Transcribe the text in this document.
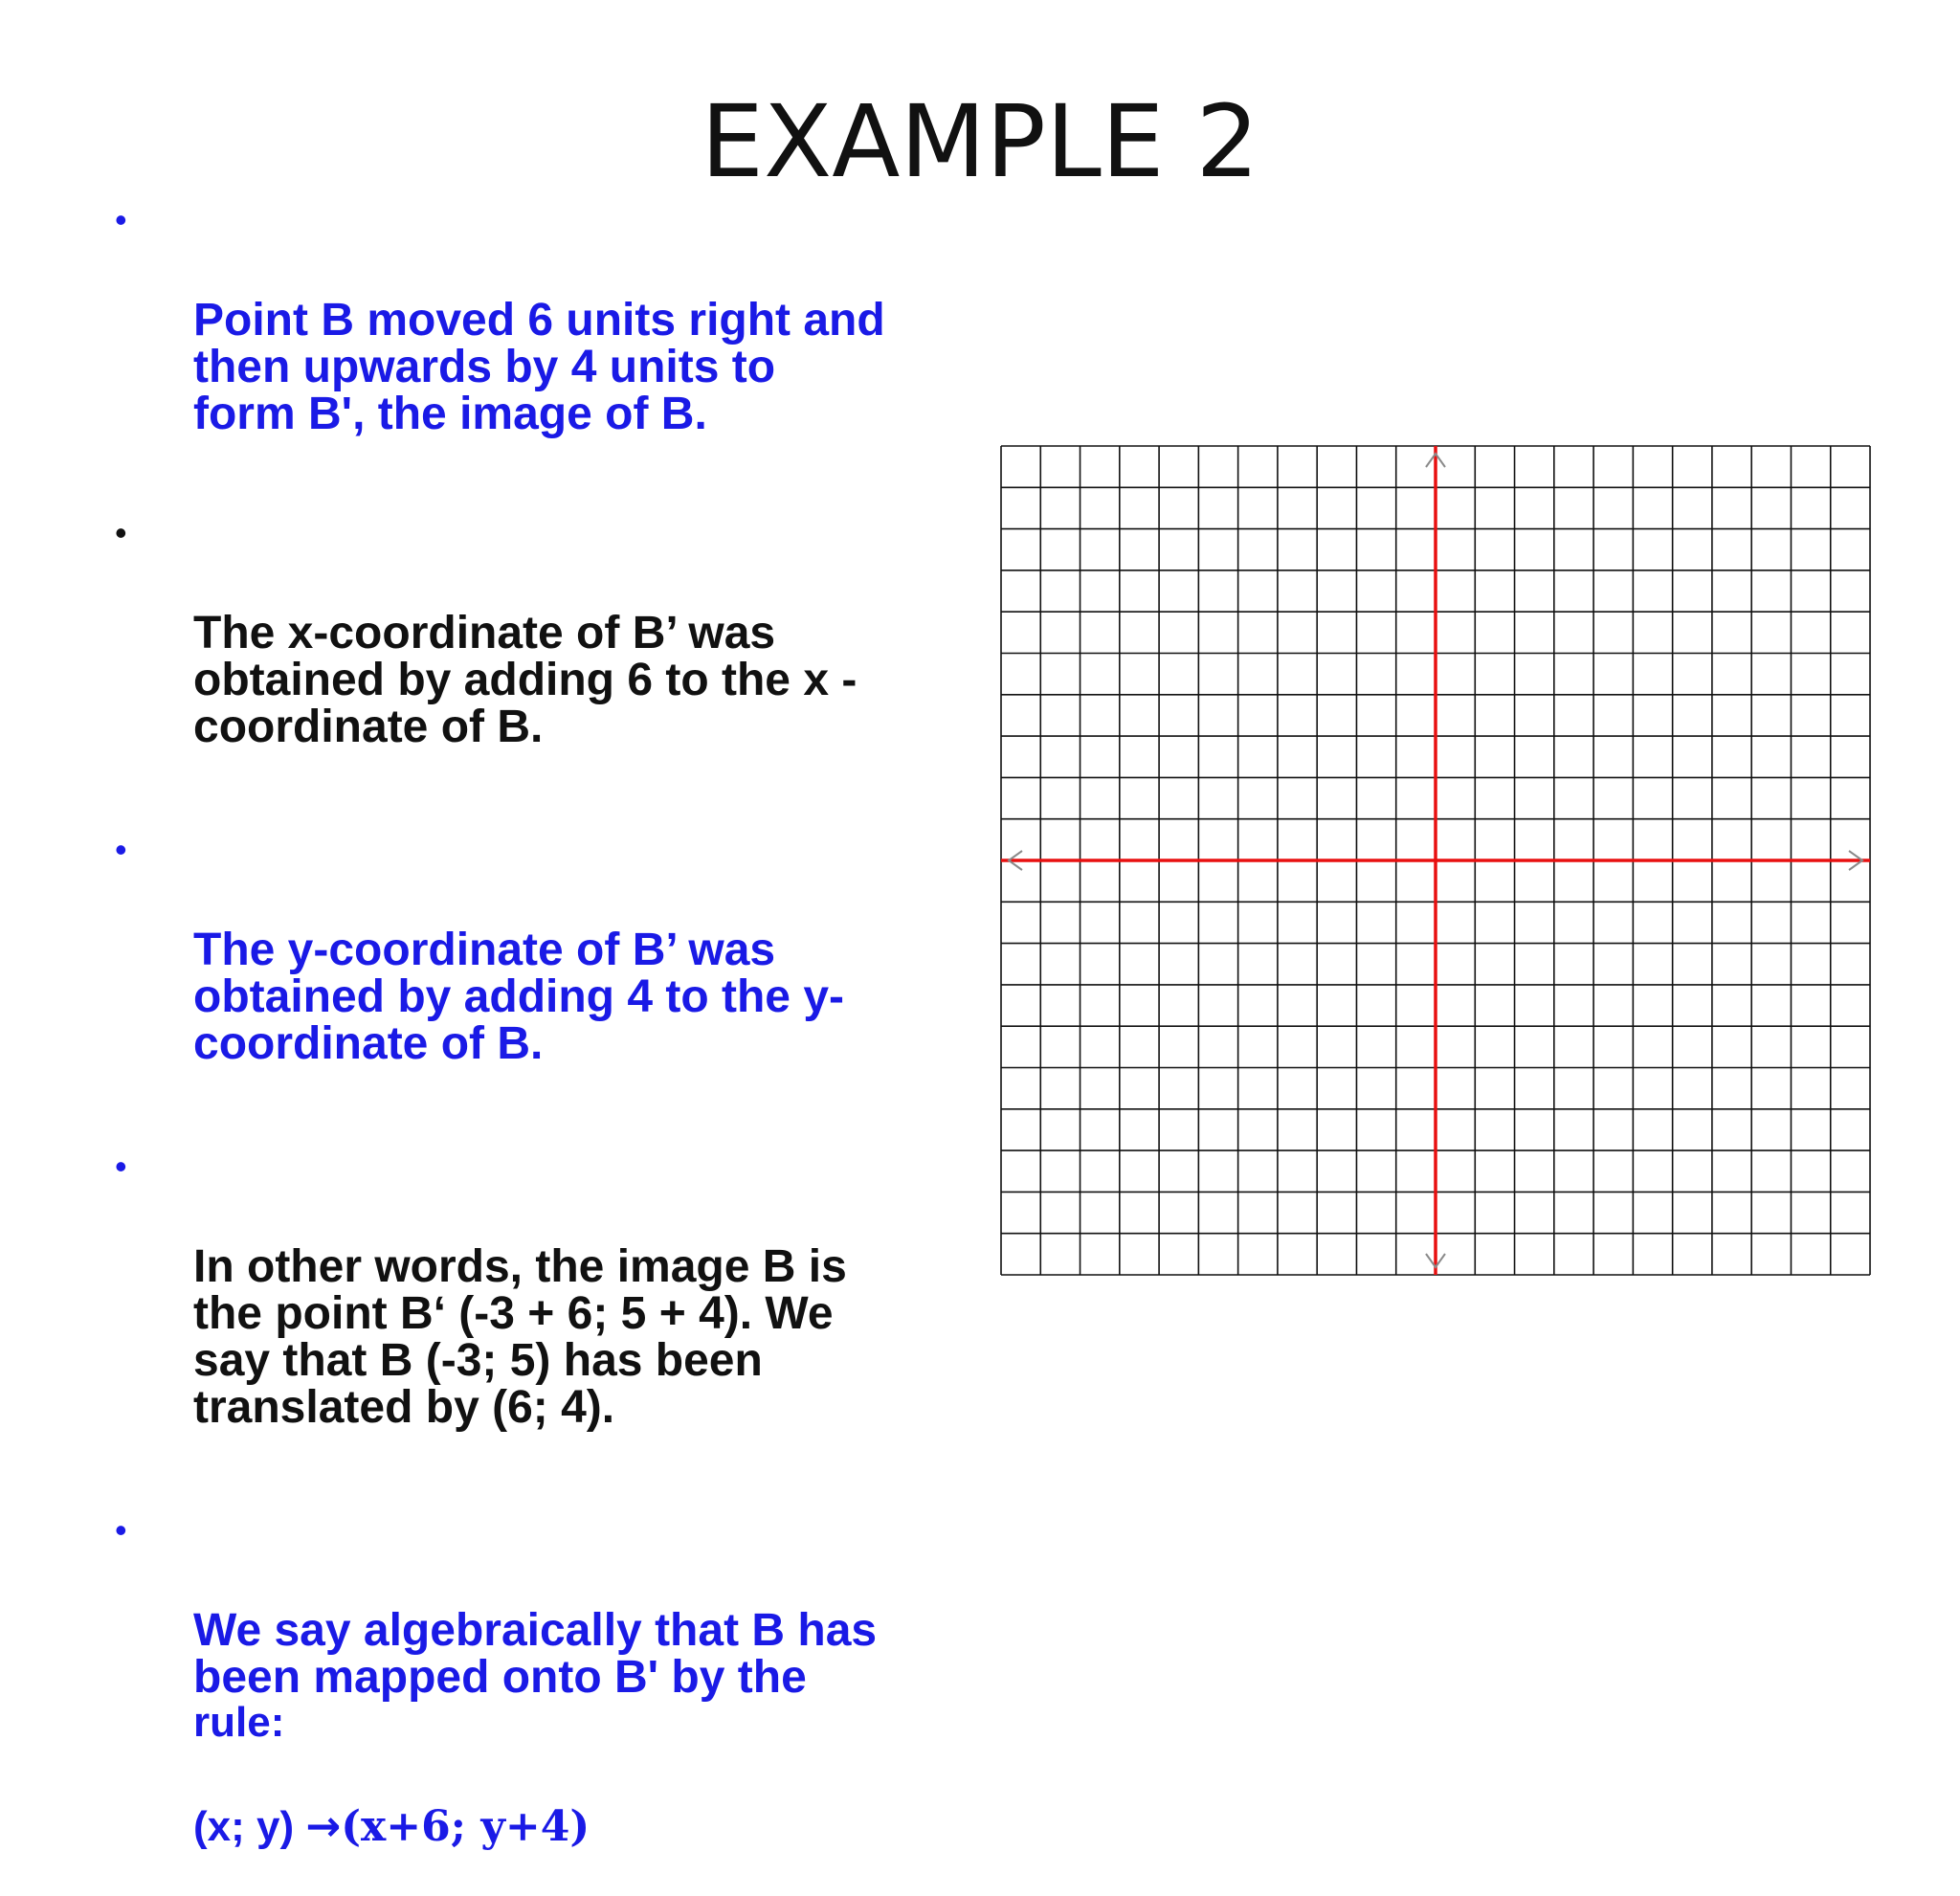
EXAMPLE 2

•

Point B moved 6 units right and
then upwards by 4 units to
form B', the image of B.

•

The x-coordinate of B’ was
obtained by adding 6 to the x -
coordinate of B.

•

The y-coordinate of B’ was
obtained by adding 4 to the y-
coordinate of B.

•

In other words, the image B is
the point B‘ (-3 + 6; 5 + 4). We
say that B (-3; 5) has been
translated by (6; 4).

•

We say algebraically that B has
been mapped onto B' by the

rule:

(x; y) →(x+6; y+4)
